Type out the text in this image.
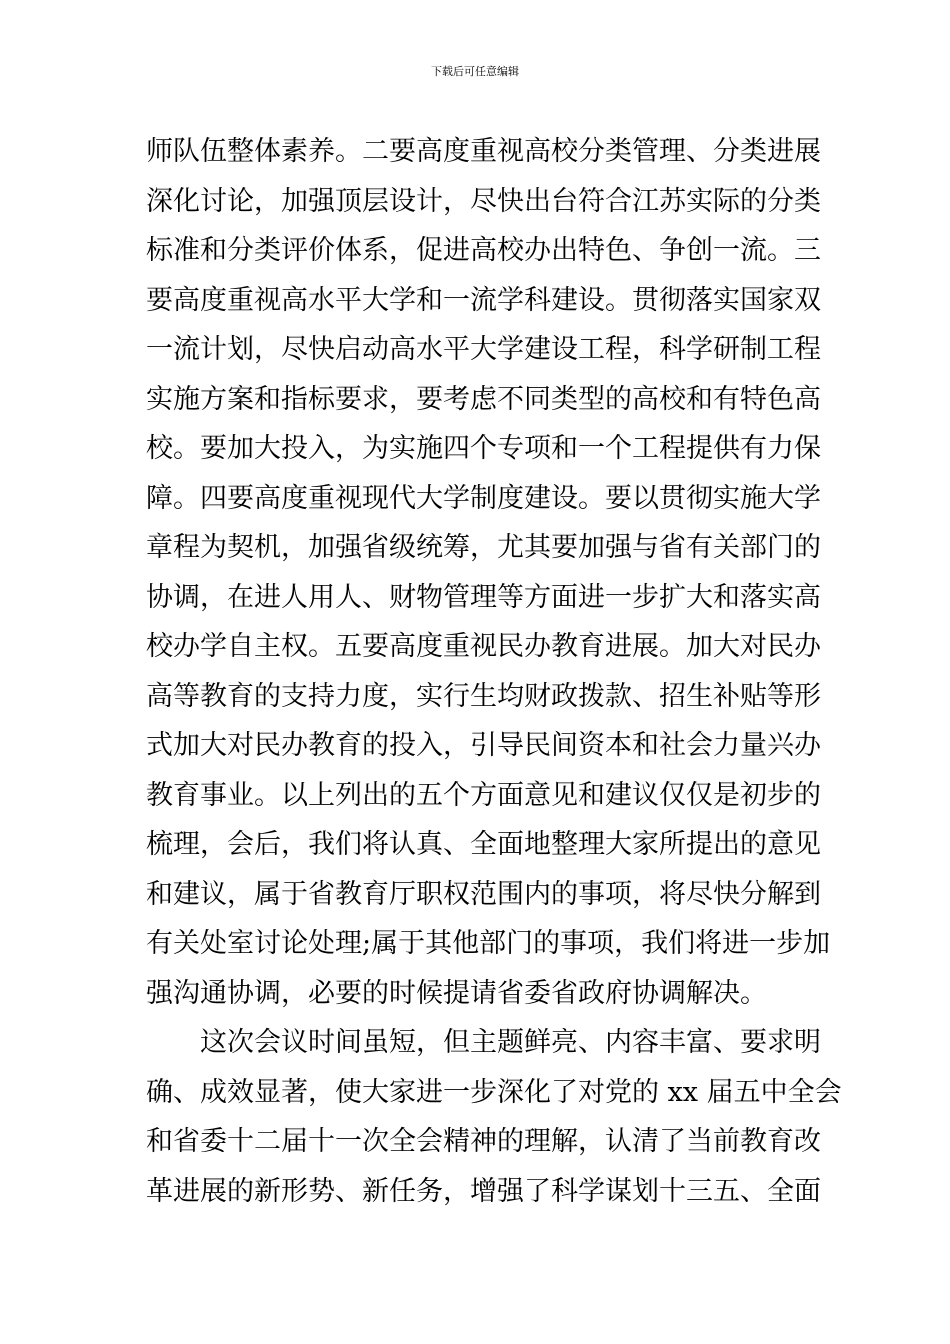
下载后可任意编辑
师队伍整体素养。二要高度重视高校分类管理、分类进展
深化讨论，加强顶层设计，尽快出台符合江苏实际的分类
标准和分类评价体系，促进高校办出特色、争创一流。三
要高度重视高水平大学和一流学科建设。贯彻落实国家双
一流计划，尽快启动高水平大学建设工程，科学研制工程
实施方案和指标要求，要考虑不同类型的高校和有特色高
校。要加大投入，为实施四个专项和一个工程提供有力保
障。四要高度重视现代大学制度建设。要以贯彻实施大学
章程为契机，加强省级统筹，尤其要加强与省有关部门的
协调，在进人用人、财物管理等方面进一步扩大和落实高
校办学自主权。五要高度重视民办教育进展。加大对民办
高等教育的支持力度，实行生均财政拨款、招生补贴等形
式加大对民办教育的投入，引导民间资本和社会力量兴办
教育事业。以上列出的五个方面意见和建议仅仅是初步的
梳理，会后，我们将认真、全面地整理大家所提出的意见
和建议，属于省教育厅职权范围内的事项，将尽快分解到
有关处室讨论处理;属于其他部门的事项，我们将进一步加
强沟通协调，必要的时候提请省委省政府协调解决。
这次会议时间虽短，但主题鲜亮、内容丰富、要求明
确、成效显著，使大家进一步深化了对党的 xx 届五中全会
和省委十二届十一次全会精神的理解，认清了当前教育改
革进展的新形势、新任务，增强了科学谋划十三五、全面
